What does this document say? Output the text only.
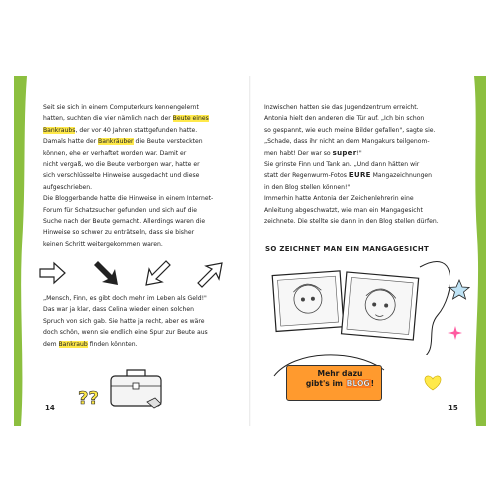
Seit sie sich in einem Computerkurs kennengelernt

hatten, suchten die vier nämlich nach der Beute eines

Bankraubs, der vor 40 Jahren stattgefunden hatte.

Damals hatte der Bankräuber die Beute versteckten

können, ehe er verhaftet worden war. Damit er

nicht vergaß, wo die Beute verborgen war, hatte er

sich verschlüsselte Hinweise ausgedacht und diese

aufgeschrieben.

Die Bloggerbande hatte die Hinweise in einem Internet-

Forum für Schatzsucher gefunden und sich auf die

Suche nach der Beute gemacht. Allerdings waren die

Hinweise so schwer zu enträtseln, dass sie bisher

keinen Schritt weitergekommen waren.

„Mensch, Finn, es gibt doch mehr im Leben als Geld!"

Das war ja klar, dass Celina wieder einen solchen

Spruch von sich gab. Sie hatte ja recht, aber es wäre

doch schön, wenn sie endlich eine Spur zur Beute aus

dem Bankraub finden könnten.

??
14

Inzwischen hatten sie das Jugendzentrum erreicht.

Antonia hielt den anderen die Tür auf. „Ich bin schon

so gespannt, wie euch meine Bilder gefallen", sagte sie.

„Schade, dass ihr nicht an dem Mangakurs teilgenom-

men habt! Der war so super!"

Sie grinste Finn und Tank an. „Und dann hätten wir

statt der Regenwurm-Fotos EURE Mangazeichnungen

in den Blog stellen können!"

Immerhin hatte Antonia der Zeichenlehrerin eine

Anleitung abgeschwatzt, wie man ein Mangagesicht

zeichnete. Die stellte sie dann in den Blog stellen dürfen.

SO ZEICHNET MAN EIN MANGAGESICHT
Mehr dazu
gibt's im BLOG!
15
